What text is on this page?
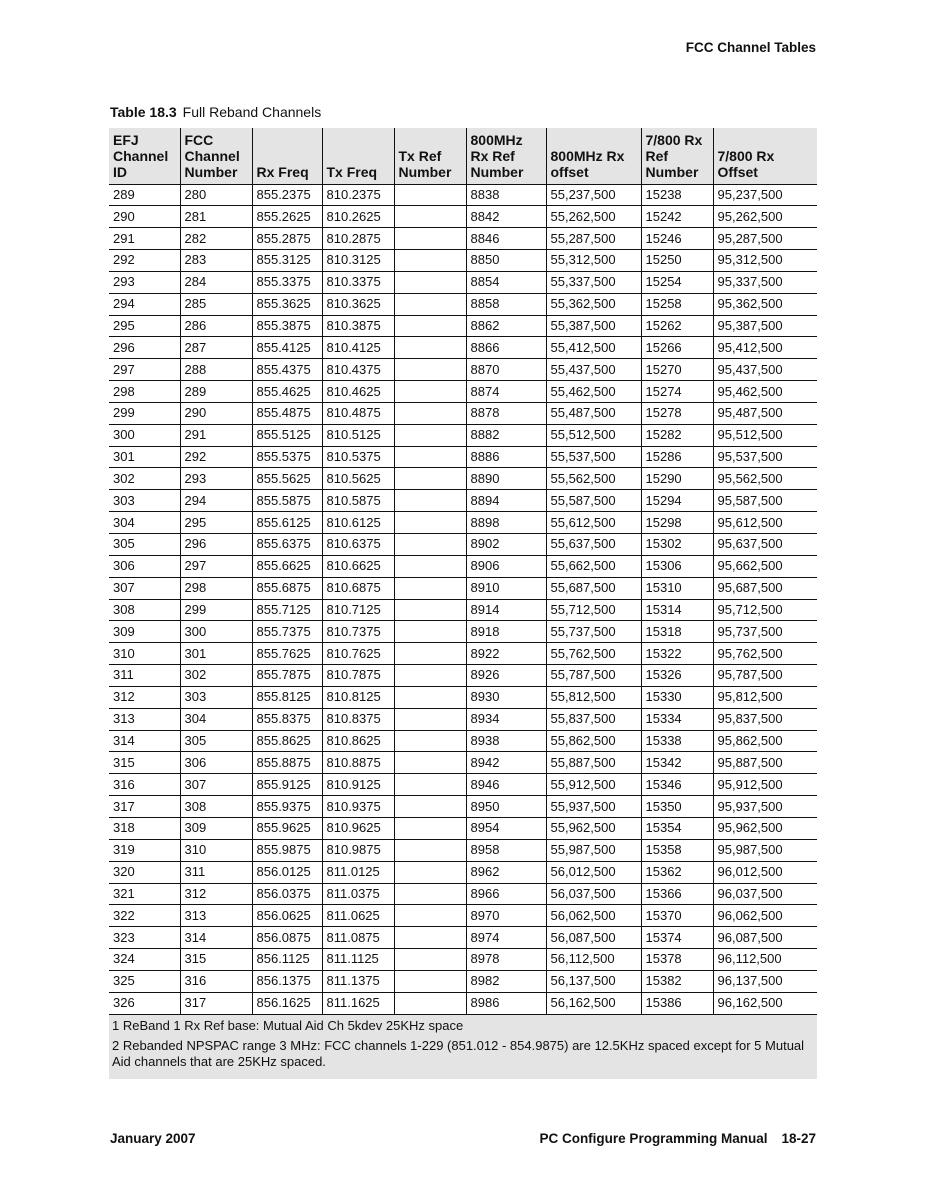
FCC Channel Tables
Table 18.3 Full Reband Channels
EFJ
Channel
ID	FCC
Channel
Number	Rx Freq	Tx Freq	Tx Ref
Number	800MHz
Rx Ref
Number	800MHz Rx
offset	7/800 Rx
Ref
Number	7/800 Rx
Offset
289	280	855.2375	810.2375		8838	55,237,500	15238	95,237,500
290	281	855.2625	810.2625		8842	55,262,500	15242	95,262,500
291	282	855.2875	810.2875		8846	55,287,500	15246	95,287,500
292	283	855.3125	810.3125		8850	55,312,500	15250	95,312,500
293	284	855.3375	810.3375		8854	55,337,500	15254	95,337,500
294	285	855.3625	810.3625		8858	55,362,500	15258	95,362,500
295	286	855.3875	810.3875		8862	55,387,500	15262	95,387,500
296	287	855.4125	810.4125		8866	55,412,500	15266	95,412,500
297	288	855.4375	810.4375		8870	55,437,500	15270	95,437,500
298	289	855.4625	810.4625		8874	55,462,500	15274	95,462,500
299	290	855.4875	810.4875		8878	55,487,500	15278	95,487,500
300	291	855.5125	810.5125		8882	55,512,500	15282	95,512,500
301	292	855.5375	810.5375		8886	55,537,500	15286	95,537,500
302	293	855.5625	810.5625		8890	55,562,500	15290	95,562,500
303	294	855.5875	810.5875		8894	55,587,500	15294	95,587,500
304	295	855.6125	810.6125		8898	55,612,500	15298	95,612,500
305	296	855.6375	810.6375		8902	55,637,500	15302	95,637,500
306	297	855.6625	810.6625		8906	55,662,500	15306	95,662,500
307	298	855.6875	810.6875		8910	55,687,500	15310	95,687,500
308	299	855.7125	810.7125		8914	55,712,500	15314	95,712,500
309	300	855.7375	810.7375		8918	55,737,500	15318	95,737,500
310	301	855.7625	810.7625		8922	55,762,500	15322	95,762,500
311	302	855.7875	810.7875		8926	55,787,500	15326	95,787,500
312	303	855.8125	810.8125		8930	55,812,500	15330	95,812,500
313	304	855.8375	810.8375		8934	55,837,500	15334	95,837,500
314	305	855.8625	810.8625		8938	55,862,500	15338	95,862,500
315	306	855.8875	810.8875		8942	55,887,500	15342	95,887,500
316	307	855.9125	810.9125		8946	55,912,500	15346	95,912,500
317	308	855.9375	810.9375		8950	55,937,500	15350	95,937,500
318	309	855.9625	810.9625		8954	55,962,500	15354	95,962,500
319	310	855.9875	810.9875		8958	55,987,500	15358	95,987,500
320	311	856.0125	811.0125		8962	56,012,500	15362	96,012,500
321	312	856.0375	811.0375		8966	56,037,500	15366	96,037,500
322	313	856.0625	811.0625		8970	56,062,500	15370	96,062,500
323	314	856.0875	811.0875		8974	56,087,500	15374	96,087,500
324	315	856.1125	811.1125		8978	56,112,500	15378	96,112,500
325	316	856.1375	811.1375		8982	56,137,500	15382	96,137,500
326	317	856.1625	811.1625		8986	56,162,500	15386	96,162,500

1 ReBand 1 Rx Ref base: Mutual Aid Ch 5kdev 25KHz space

2 Rebanded NPSPAC range 3 MHz: FCC channels 1-229 (851.012 - 854.9875) are 12.5KHz spaced except for 5 Mutual Aid channels that are 25KHz spaced.

January 2007	PC Configure Programming Manual 18-27
